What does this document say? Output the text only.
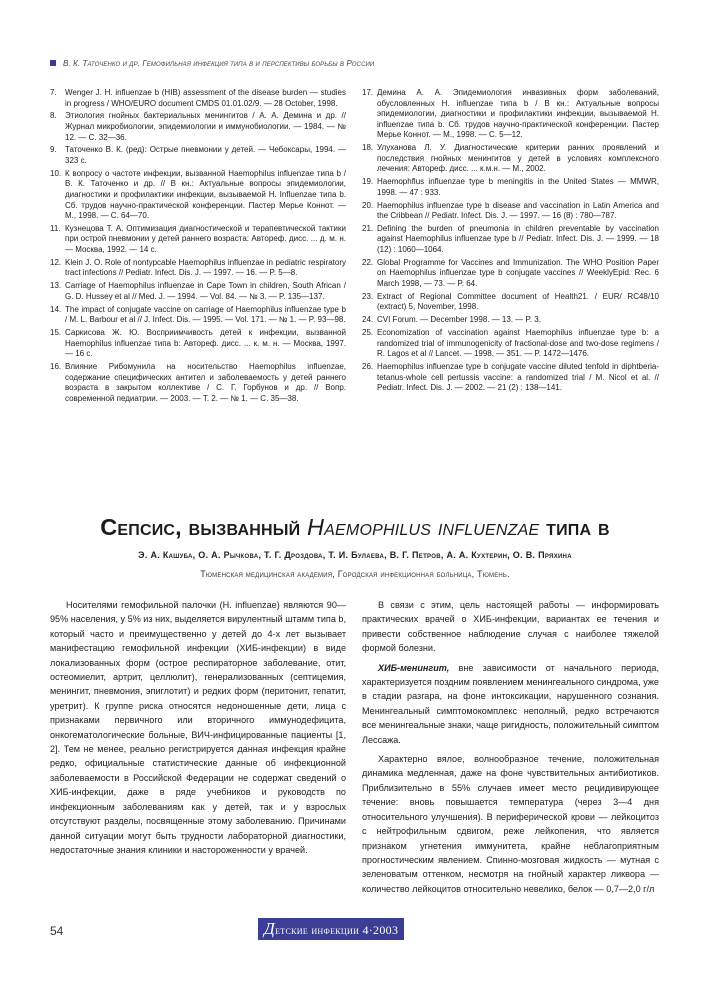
В. К. Таточенко и др. Гемофильная инфекция типа в и перспективы борьбы в России
7.	Wenger J. H. influenzae b (HIB) assessment of the disease burden — studies in progress / WHO/EURO document CMDS 01.01.02/9. — 28 October, 1998.
8.	Этиология гнойных бактериальных менингитов / А. А. Демина и др. // Журнал микробиологии, эпидемиологии и иммунобиологии. — 1984. — № 12. — С. 32—36.
9.	Таточенко В. К. (ред): Острые пневмонии у детей. — Чебоксары, 1994. — 323 с.
10. К вопросу о частоте инфекции, вызванной Haemophilus influenzae типа b / В. К. Таточенко и др. // В кн.: Актуальные вопросы эпидемиологии, диагностики и профилактики инфекции, вызываемой H. Influenzae типа b. Сб. трудов научно-практической конференции. Пастер Мерье Коннот. — М., 1998. — С. 64—70.
11. Кузнецова Т. А. Оптимизация диагностической и терапевтической тактики при острой пневмонии у детей раннего возраста: Автореф. дисс. ... д. м. н. — Москва, 1992. — 14 с.
12. Klein J. O. Role of nontypcable Haemophilus influenzae in pediatric respiratory tract infections // Pediatr. Infect. Dis. J. — 1997. — 16. — P. 5—8.
13. Carriage of Haemophilus influenzae in Cape Town in children, South African / G. D. Hussey et al // Med. J. — 1994. — Vol. 84. — № 3. — P. 135—137.
14. The impact of conjugate vaccine on carriage of Haemophilus influenzae type b / M. L. Barbour et al // J. Infect. Dis. — 1995. — Vol. 171. — № 1. — P. 93—98.
15. Саркисова Ж. Ю. Восприимчивость детей к инфекции, вызванной Haemophilus influenzae типа b: Автореф. дисс. ... к. м. н. — Москва, 1997. — 16 с.
16. Влияние Рибомунила на носительство Haemophilus influenzae, содержание специфических антител и заболеваемость у детей раннего возраста в закрытом коллективе / С. Г. Горбунов и др. // Вопр. современной педиатрии. — 2003. — Т. 2. — № 1. — С. 35—38.
17. Демина А. А. Эпидемиология инвазивных форм заболеваний, обусловленных H. influenzae типа b / В кн.: Актуальные вопросы эпидемиологии, диагностики и профилактики инфекции, вызываемой H. influenzae типа b. Сб. трудов научно-практической конференции. Пастер Мерье Коннот. — М., 1998. — С. 5—12.
18. Улуханова Л. У. Диагностические критерии ранних проявлений и последствия гнойных менингитов у детей в условиях комплексного лечения: Автореф. дисс. ... к.м.н. — М., 2002.
19. Haemophflus influenzae type b meningitis in the United States — MMWR, 1998. — 47 : 933.
20. Haemophilus influenzae type b disease and vaccination in Latin America and the Cribbean // Pediatr. Infect. Dis. J. — 1997. — 16 (8) : 780—787.
21. Defining the burden of pneumonia in children preventable by vaccination against Haemophilus influenzae type b // Pediatr. Infect. Dis. J. — 1999. — 18 (12) : 1060—1064.
22. Global Programme for Vaccines and Immunization. The WHO Position Paper on Haemophilus influenzae type b conjugate vaccines // WeeklyEpid. Rec. 6 March 1998, — 73. — P. 64.
23. Extract of Regional Committee document of Health21. / EUR/ RC48/10 (extract) 5, November, 1998.
24. CVI Forum. — December 1998. — 13. — P. 3.
25. Economization of vaccination against Haemophilus influenzae type b: a randomized trial of immunogenicity of fractional-dose and two-dose regimens / R. Lagos et al // Lancet. — 1998. — 351. — P. 1472—1476.
26. Haemophilus influenzae type b conjugate vaccine diluted tenfold in diphtberia-tetanus-whole cell pertussis vaccine: a randomized trial / M. Nicol et al. // Pediatr. Infect. Dis. J. — 2002. — 21 (2) : 138—141.
Сепсис, вызванный Haemophilus influenzae типа в
Э. А. Кашуба, О. А. Рычкова, Т. Г. Дроздова, Т. И. Булаева, В. Г. Петров, А. А. Кухтерин, О. В. Пряхина
Тюменская медицинская академия, Городская инфекционная больница, Тюмень.

Носителями гемофильной палочки (H. influenzae) являются 90—95% населения, у 5% из них, выделяется вирулентный штамм типа b, который часто и преимущественно у детей до 4-х лет вызывает манифестацию гемофильной инфекции (ХИБ-инфекции) в виде локализованных форм (острое респираторное заболевание, отит, остеомиелит, артрит, целлюлит), генерализованных (септицемия, менингит, пневмония, эпиглотит) и редких форм (перитонит, гепатит, уретрит). К группе риска относятся недоношенные дети, лица с признаками первичного или вторичного иммунодефицита, онкогематологические больные, ВИЧ-инфицированные пациенты [1, 2]. Тем не менее, реально регистрируется данная инфекция крайне редко, официальные статистические данные об инфекционной заболеваемости в Российской Федерации не содержат сведений о ХИБ-инфекции, даже в ряде учебников и руководств по инфекционным заболеваниям как у детей, так и у взрослых отсутствуют разделы, посвященные этому заболеванию. Причинами данной ситуации могут быть трудности лабораторной диагностики, недостаточные знания клиники и настороженности у врачей.

В связи с этим, цель настоящей работы — информировать практических врачей о ХИБ-инфекции, вариантах ее течения и привести собственное наблюдение случая с наиболее тяжелой формой болезни.

ХИБ-менингит, вне зависимости от начального периода, характеризуется поздним появлением менингеального синдрома, уже в стадии разгара, на фоне интоксикации, нарушенного сознания. Менингеальный симптомокомплекс неполный, редко встречаются все менингеальные знаки, чаще ригидность, положительный симптом Лессажа.

Характерно вялое, волнообразное течение, положительная динамика медленная, даже на фоне чувствительных антибиотиков. Приблизительно в 55% случаев имеет место рецидивирующее течение: вновь повышается температура (через 3—4 дня относительного улучшения). В периферической крови — лейкоцитоз с нейтрофильным сдвигом, реже лейкопения, что является признаком угнетения иммунитета, крайне неблагоприятным прогностическим явлением. Спинно-мозговая жидкость — мутная с зеленоватым оттенком, несмотря на гнойный характер ликвора — количество лейкоцитов относительно невелико, белок — 0,7—2,0 г/л

54	Детские инфекции 4·2003
